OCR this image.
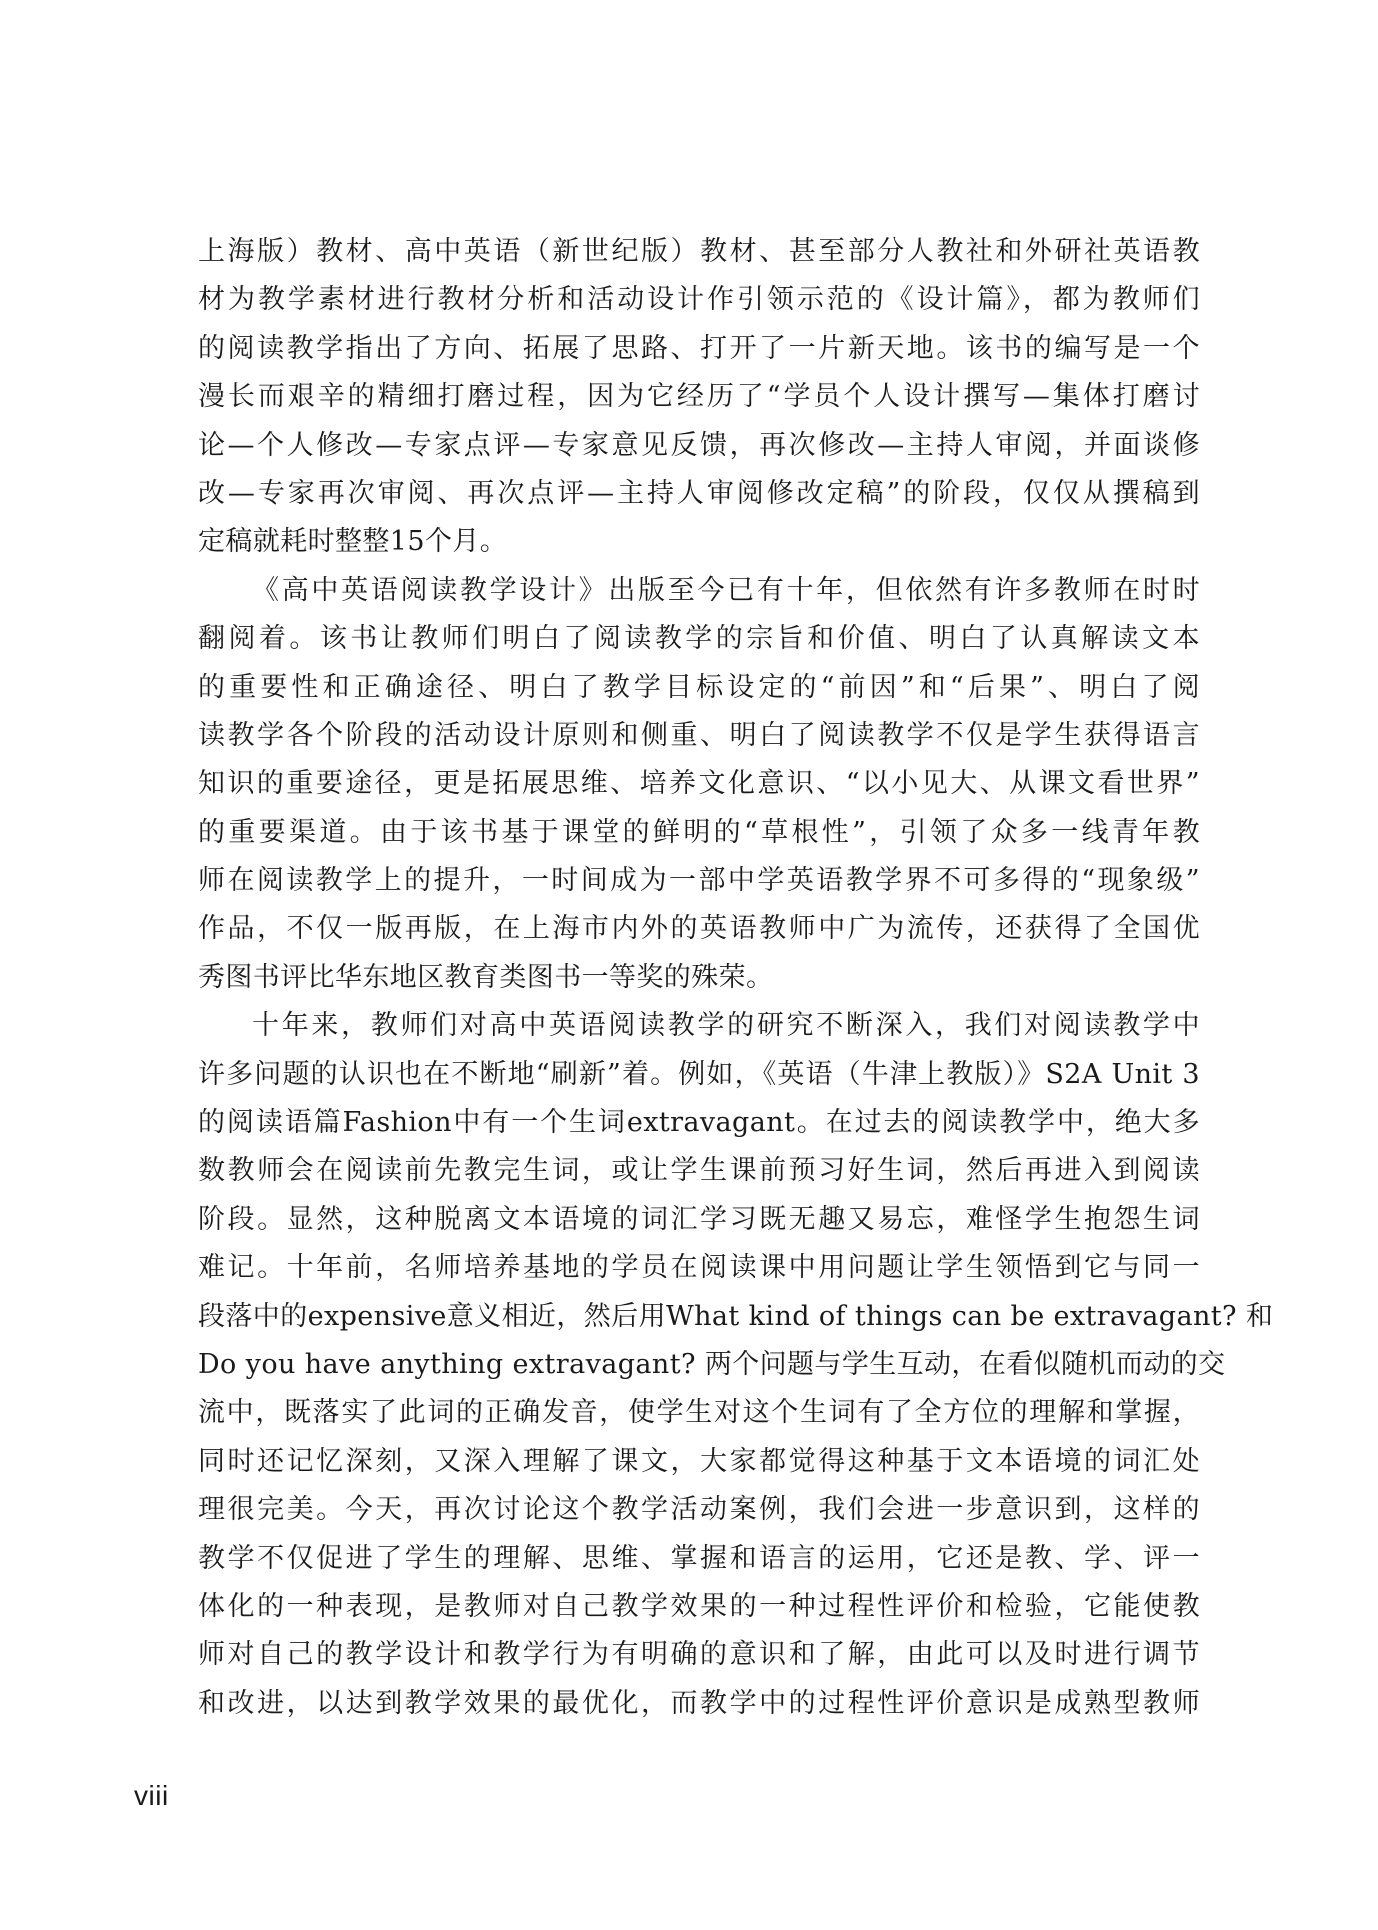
上海版）教材、高中英语（新世纪版）教材、甚至部分人教社和外研社英语教
材为教学素材进行教材分析和活动设计作引领示范的《设计篇》，都为教师们
的阅读教学指出了方向、拓展了思路、打开了一片新天地。该书的编写是一个
漫长而艰辛的精细打磨过程，因为它经历了“学员个人设计撰写—集体打磨讨
论—个人修改—专家点评—专家意见反馈，再次修改—主持人审阅，并面谈修
改—专家再次审阅、再次点评—主持人审阅修改定稿”的阶段，仅仅从撰稿到
定稿就耗时整整15个月。
《高中英语阅读教学设计》出版至今已有十年，但依然有许多教师在时时
翻阅着。该书让教师们明白了阅读教学的宗旨和价值、明白了认真解读文本
的重要性和正确途径、明白了教学目标设定的“前因”和“后果”、明白了阅
读教学各个阶段的活动设计原则和侧重、明白了阅读教学不仅是学生获得语言
知识的重要途径，更是拓展思维、培养文化意识、“以小见大、从课文看世界”
的重要渠道。由于该书基于课堂的鲜明的“草根性”，引领了众多一线青年教
师在阅读教学上的提升，一时间成为一部中学英语教学界不可多得的“现象级”
作品，不仅一版再版，在上海市内外的英语教师中广为流传，还获得了全国优
秀图书评比华东地区教育类图书一等奖的殊荣。
十年来，教师们对高中英语阅读教学的研究不断深入，我们对阅读教学中
许多问题的认识也在不断地“刷新”着。例如，《英语（牛津上教版）》S2A Unit 3
的阅读语篇Fashion中有一个生词extravagant。在过去的阅读教学中，绝大多
数教师会在阅读前先教完生词，或让学生课前预习好生词，然后再进入到阅读
阶段。显然，这种脱离文本语境的词汇学习既无趣又易忘，难怪学生抱怨生词
难记。十年前，名师培养基地的学员在阅读课中用问题让学生领悟到它与同一
段落中的expensive意义相近，然后用What kind of things can be extravagant? 和
Do you have anything extravagant? 两个问题与学生互动，在看似随机而动的交
流中，既落实了此词的正确发音，使学生对这个生词有了全方位的理解和掌握，
同时还记忆深刻，又深入理解了课文，大家都觉得这种基于文本语境的词汇处
理很完美。今天，再次讨论这个教学活动案例，我们会进一步意识到，这样的
教学不仅促进了学生的理解、思维、掌握和语言的运用，它还是教、学、评一
体化的一种表现，是教师对自己教学效果的一种过程性评价和检验，它能使教
师对自己的教学设计和教学行为有明确的意识和了解，由此可以及时进行调节
和改进，以达到教学效果的最优化，而教学中的过程性评价意识是成熟型教师
viii
